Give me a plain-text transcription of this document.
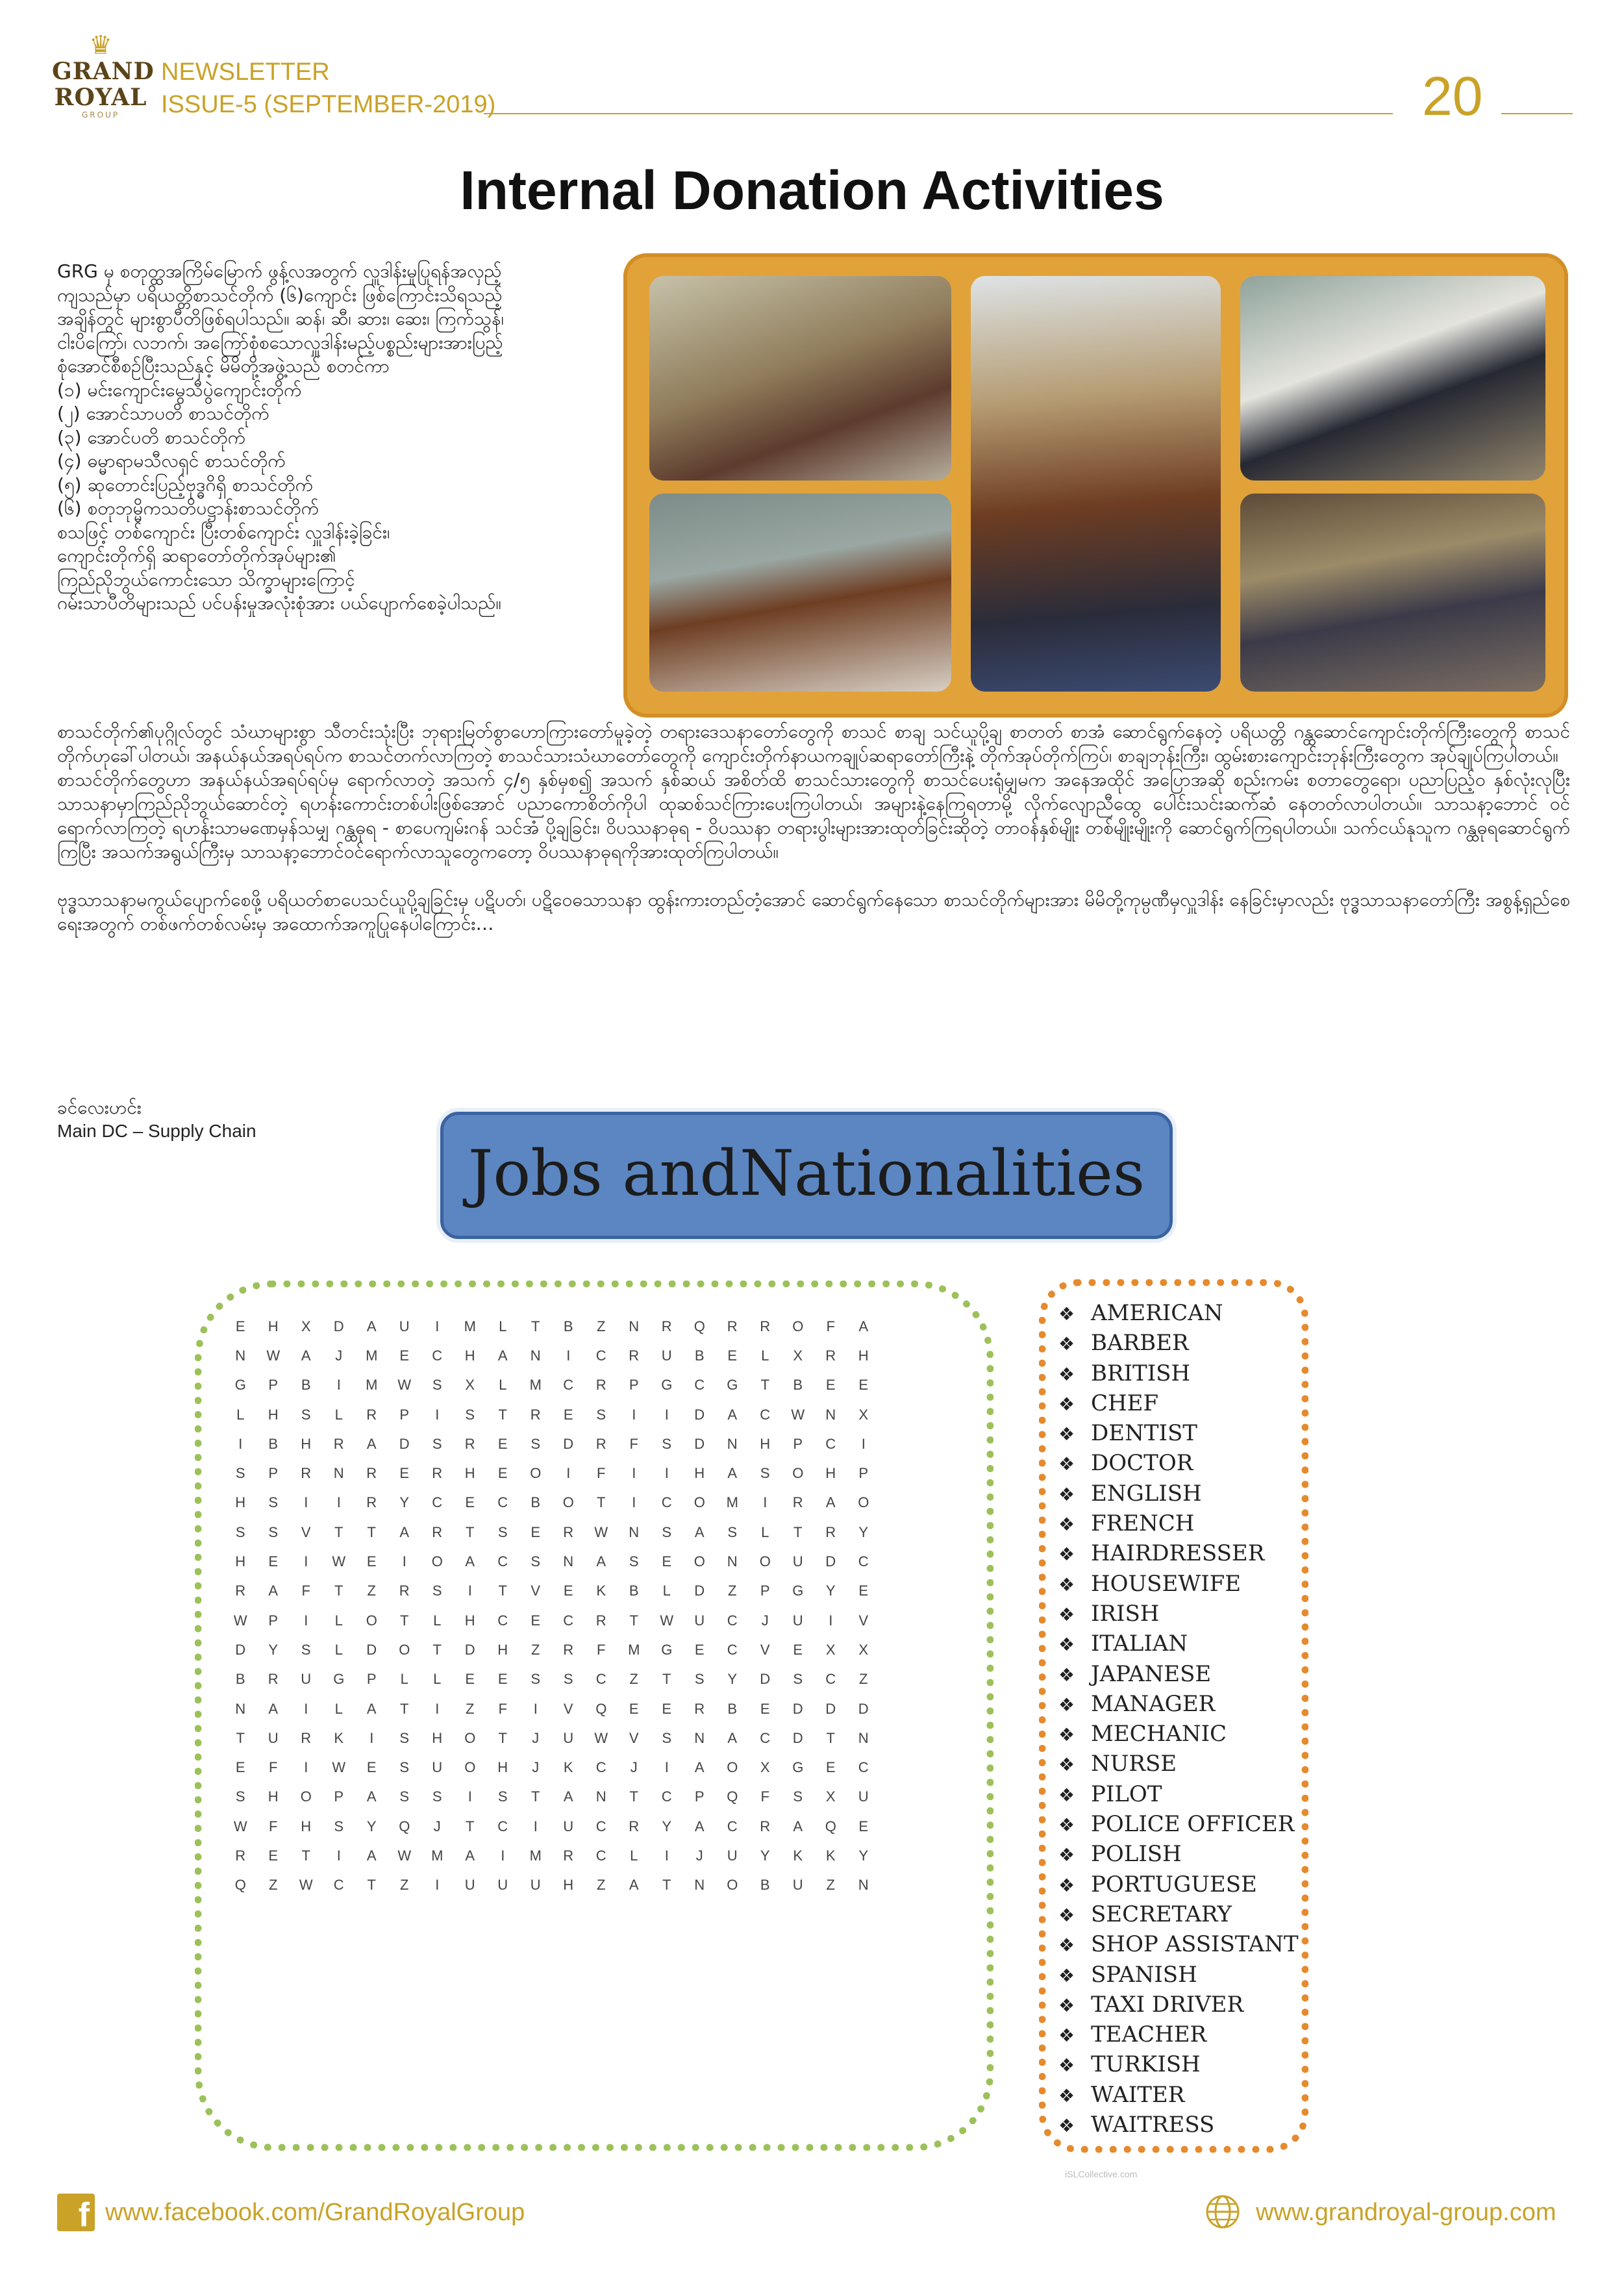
♛
GRAND
ROYAL
GROUP
NEWSLETTER
ISSUE-5 (SEPTEMBER-2019)	20
Internal Donation Activities

GRG မှ စတုတ္ထအကြိမ်မြောက် ဖွန့်လအတွက် လှူဒါန်းမှုပြုရန်အလှည့်

ကျသည်မှာ ပရိယတ္တိစာသင်တိုက် (၆)ကျောင်း ဖြစ်ကြောင်းသိရသည့်

အချိန်တွင် များစွာပီတိဖြစ်ရပါသည်။ ဆန်၊ ဆီ၊ ဆား၊ ဆေး၊ ကြက်သွန်၊

ငါးပိကြော်၊ လဘက်၊ အကြော်စုံစသောလှူဒါန်းမည့်ပစ္စည်းများအားပြည့်

စုံအောင်စီစဉ်ပြီးသည်နှင့် မိမိတို့အဖွဲ့သည် စတင်ကာ

(၁) မင်းကျောင်းမွေသီပွဲကျောင်းတိုက်

(၂) အောင်သာပတိ စာသင်တိုက်

(၃) အောင်ပတိ စာသင်တိုက်

(၄) ဓမ္မာရာမသီလရှင် စာသင်တိုက်

(၅) ဆုတောင်းပြည့်ဗုဒ္ဓဂိရှိ စာသင်တိုက်

(၆) စတုဘုမ္မိကသတိပဋ္ဌာန်းစာသင်တိုက်

စသဖြင့် တစ်ကျောင်း ပြီးတစ်ကျောင်း လှူဒါန်းခဲ့ခြင်း၊

ကျောင်းတိုက်ရှိ ဆရာတော်တိုက်အုပ်များ၏

ကြည်ညိုဘွယ်ကောင်းသော သိက္ခာများကြောင့်

ဂမ်းသာပီတိများသည် ပင်ပန်းမှုအလုံးစုံအား ပယ်ပျောက်စေခဲ့ပါသည်။

စာသင်တိုက်၏ပုဂ္ဂိုလ်တွင် သံဃာများစွာ သီတင်းသုံးပြီး ဘုရားမြတ်စွာဟောကြားတော်မူခဲ့တဲ့ တရားဒေသနာတော်တွေကို စာသင် စာချ သင်ယူပို့ချ စာတတ် စာအံ ဆောင်ရွက်နေတဲ့ ပရိယတ္တိ ဂန္ထဆောင်ကျောင်းတိုက်ကြီးတွေကို စာသင်တိုက်ဟုခေါ်ပါတယ်၊ အနယ်နယ်အရပ်ရပ်က စာသင်တက်လာကြတဲ့ စာသင်သားသံဃာတော်တွေကို ကျောင်းတိုက်နာယကချုပ်ဆရာတော်ကြီးနဲ့ တိုက်အုပ်တိုက်ကြပ်၊ စာချဘုန်းကြီး၊ ထွမ်းစားကျောင်းဘုန်းကြီးတွေက အုပ်ချုပ်ကြပါတယ်။

စာသင်တိုက်တွေဟာ အနယ်နယ်အရပ်ရပ်မှ ရောက်လာတဲ့ အသက် ၄/၅ နှစ်မှစ၍ အသက် နှစ်ဆယ် အစိတ်ထိ စာသင်သားတွေကို စာသင်ပေးရုံမျှမက အနေအထိုင် အပြောအဆို စည်းကမ်း စတာတွေရော၊ ပညာပြည့်ဝ နှစ်လုံးလုပြီး သာသနာမှာကြည်ညိုဘွယ်ဆောင်တဲ့ ရဟန်းကောင်းတစ်ပါးဖြစ်အောင် ပညာကောစိတ်ကိုပါ ထုဆစ်သင်ကြားပေးကြပါတယ်၊ အများနဲ့နေကြရတာမို့ လိုက်လျောညီထွေ ပေါင်းသင်းဆက်ဆံ နေတတ်လာပါတယ်။ သာသနာ့ဘောင် ဝင်ရောက်လာကြတဲ့ ရဟန်းသာမဏေမှန်သမျှ ဂန္ထဓုရ - စာပေကျမ်းဂန် သင်အံ ပို့ချခြင်း၊ ဝိပဿနာဓုရ - ဝိပဿနာ တရားပွါးများအားထုတ်ခြင်းဆိုတဲ့ တာဝန်နှစ်မျိုး တစ်မျိုးမျိုးကို ဆောင်ရွက်ကြရပါတယ်။ သက်ငယ်နုသူက ဂန္ထဓုရဆောင်ရွက်ကြပြီး အသက်အရွယ်ကြီးမှ သာသနာ့ဘောင်ဝင်ရောက်လာသူတွေကတော့ ဝိပဿနာဓုရကိုအားထုတ်ကြပါတယ်။

ဗုဒ္ဓသာသနာမကွယ်ပျောက်စေဖို့ ပရိယတ်စာပေသင်ယူပို့ချခြင်းမှ ပဋိပတ်၊ ပဋိဝေဓသာသနာ ထွန်းကားတည်တံ့အောင် ဆောင်ရွက်နေသော စာသင်တိုက်များအား မိမိတို့ကုမ္ပဏီမှလှူဒါန်း နေခြင်းမှာလည်း ဗုဒ္ဓသာသနာတော်ကြီး အစွန့်ရှည်စေရေးအတွက် တစ်ဖက်တစ်လမ်းမှ အထောက်အကူပြုနေပါကြောင်း…

ခင်လေးဟင်း
Main DC – Supply Chain
Jobs andNationalities
E	H	X	D	A	U	I	M	L	T	B	Z	N	R	Q	R	R	O	F	A
N	W	A	J	M	E	C	H	A	N	I	C	R	U	B	E	L	X	R	H
G	P	B	I	M	W	S	X	L	M	C	R	P	G	C	G	T	B	E	E
L	H	S	L	R	P	I	S	T	R	E	S	I	I	D	A	C	W	N	X
I	B	H	R	A	D	S	R	E	S	D	R	F	S	D	N	H	P	C	I
S	P	R	N	R	E	R	H	E	O	I	F	I	I	H	A	S	O	H	P
H	S	I	I	R	Y	C	E	C	B	O	T	I	C	O	M	I	R	A	O
S	S	V	T	T	A	R	T	S	E	R	W	N	S	A	S	L	T	R	Y
H	E	I	W	E	I	O	A	C	S	N	A	S	E	O	N	O	U	D	C
R	A	F	T	Z	R	S	I	T	V	E	K	B	L	D	Z	P	G	Y	E
W	P	I	L	O	T	L	H	C	E	C	R	T	W	U	C	J	U	I	V
D	Y	S	L	D	O	T	D	H	Z	R	F	M	G	E	C	V	E	X	X
B	R	U	G	P	L	L	E	E	S	S	C	Z	T	S	Y	D	S	C	Z
N	A	I	L	A	T	I	Z	F	I	V	Q	E	E	R	B	E	D	D	D
T	U	R	K	I	S	H	O	T	J	U	W	V	S	N	A	C	D	T	N
E	F	I	W	E	S	U	O	H	J	K	C	J	I	A	O	X	G	E	C
S	H	O	P	A	S	S	I	S	T	A	N	T	C	P	Q	F	S	X	U
W	F	H	S	Y	Q	J	T	C	I	U	C	R	Y	A	C	R	A	Q	E
R	E	T	I	A	W	M	A	I	M	R	C	L	I	J	U	Y	K	K	Y
Q	Z	W	C	T	Z	I	U	U	U	H	Z	A	T	N	O	B	U	Z	N
❖ AMERICAN
❖ BARBER
❖ BRITISH
❖ CHEF
❖ DENTIST
❖ DOCTOR
❖ ENGLISH
❖ FRENCH
❖ HAIRDRESSER
❖ HOUSEWIFE
❖ IRISH
❖ ITALIAN
❖ JAPANESE
❖ MANAGER
❖ MECHANIC
❖ NURSE
❖ PILOT
❖ POLICE OFFICER
❖ POLISH
❖ PORTUGUESE
❖ SECRETARY
❖ SHOP ASSISTANT
❖ SPANISH
❖ TAXI DRIVER
❖ TEACHER
❖ TURKISH
❖ WAITER
❖ WAITRESS
iSLCollective.com
f www.facebook.com/GrandRoyalGroup	www.grandroyal-group.com
